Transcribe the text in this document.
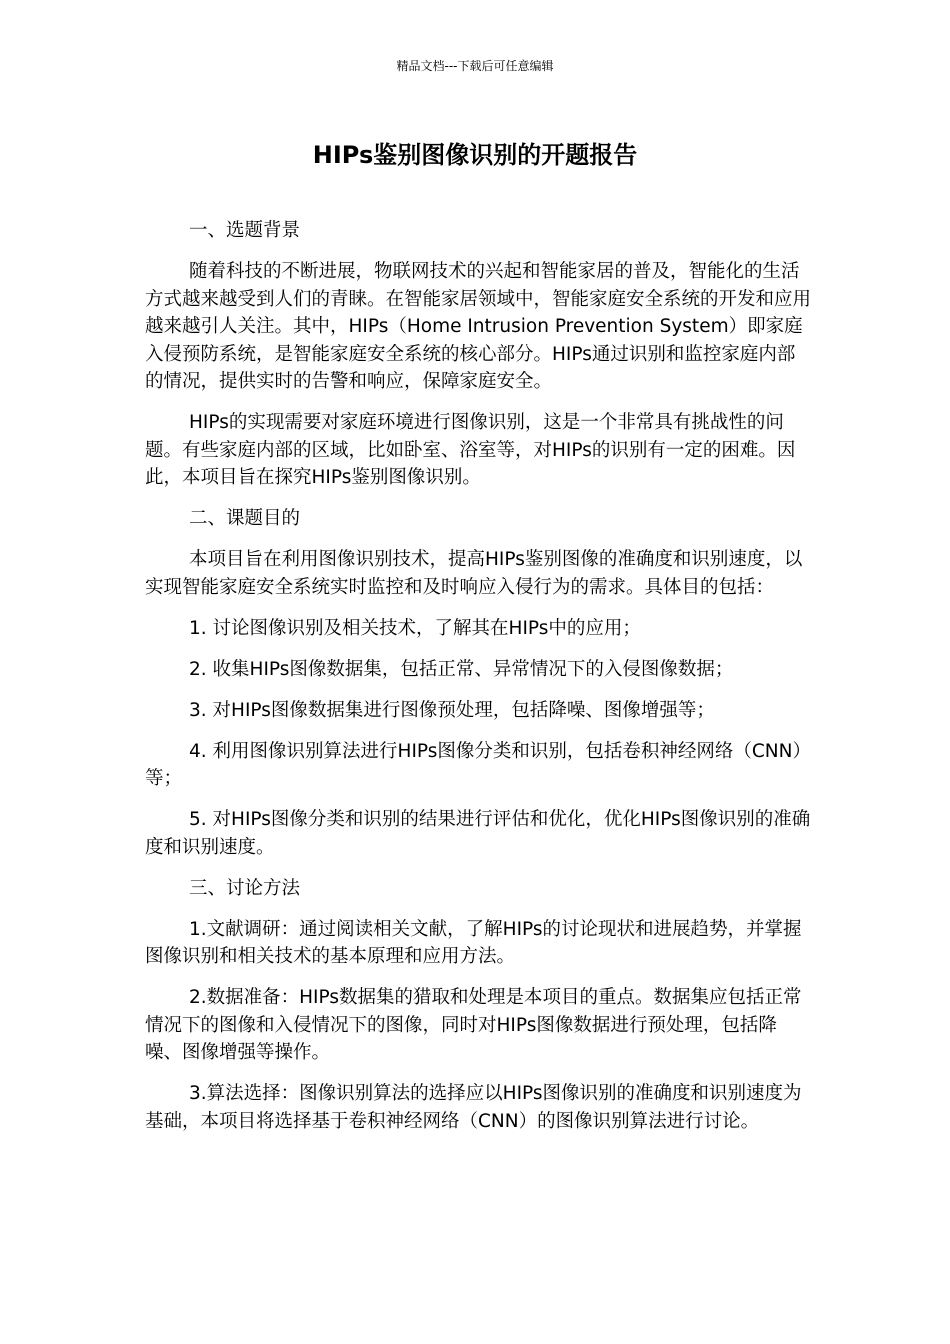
精品文档---下载后可任意编辑
HIPs鉴别图像识别的开题报告

一、选题背景

随着科技的不断进展，物联网技术的兴起和智能家居的普及，智能化的生活方式越来越受到人们的青睐。在智能家居领域中，智能家庭安全系统的开发和应用越来越引人关注。其中，HIPs（Home Intrusion Prevention System）即家庭入侵预防系统，是智能家庭安全系统的核心部分。HIPs通过识别和监控家庭内部的情况，提供实时的告警和响应，保障家庭安全。

HIPs的实现需要对家庭环境进行图像识别，这是一个非常具有挑战性的问题。有些家庭内部的区域，比如卧室、浴室等，对HIPs的识别有一定的困难。因此，本项目旨在探究HIPs鉴别图像识别。

二、课题目的

本项目旨在利用图像识别技术，提高HIPs鉴别图像的准确度和识别速度，以实现智能家庭安全系统实时监控和及时响应入侵行为的需求。具体目的包括：

1. 讨论图像识别及相关技术，了解其在HIPs中的应用；

2. 收集HIPs图像数据集，包括正常、异常情况下的入侵图像数据；

3. 对HIPs图像数据集进行图像预处理，包括降噪、图像增强等；

4. 利用图像识别算法进行HIPs图像分类和识别，包括卷积神经网络（CNN）等；

5. 对HIPs图像分类和识别的结果进行评估和优化，优化HIPs图像识别的准确度和识别速度。

三、讨论方法

1.文献调研：通过阅读相关文献，了解HIPs的讨论现状和进展趋势，并掌握图像识别和相关技术的基本原理和应用方法。

2.数据准备：HIPs数据集的猎取和处理是本项目的重点。数据集应包括正常情况下的图像和入侵情况下的图像，同时对HIPs图像数据进行预处理，包括降噪、图像增强等操作。

3.算法选择：图像识别算法的选择应以HIPs图像识别的准确度和识别速度为基础，本项目将选择基于卷积神经网络（CNN）的图像识别算法进行讨论。
